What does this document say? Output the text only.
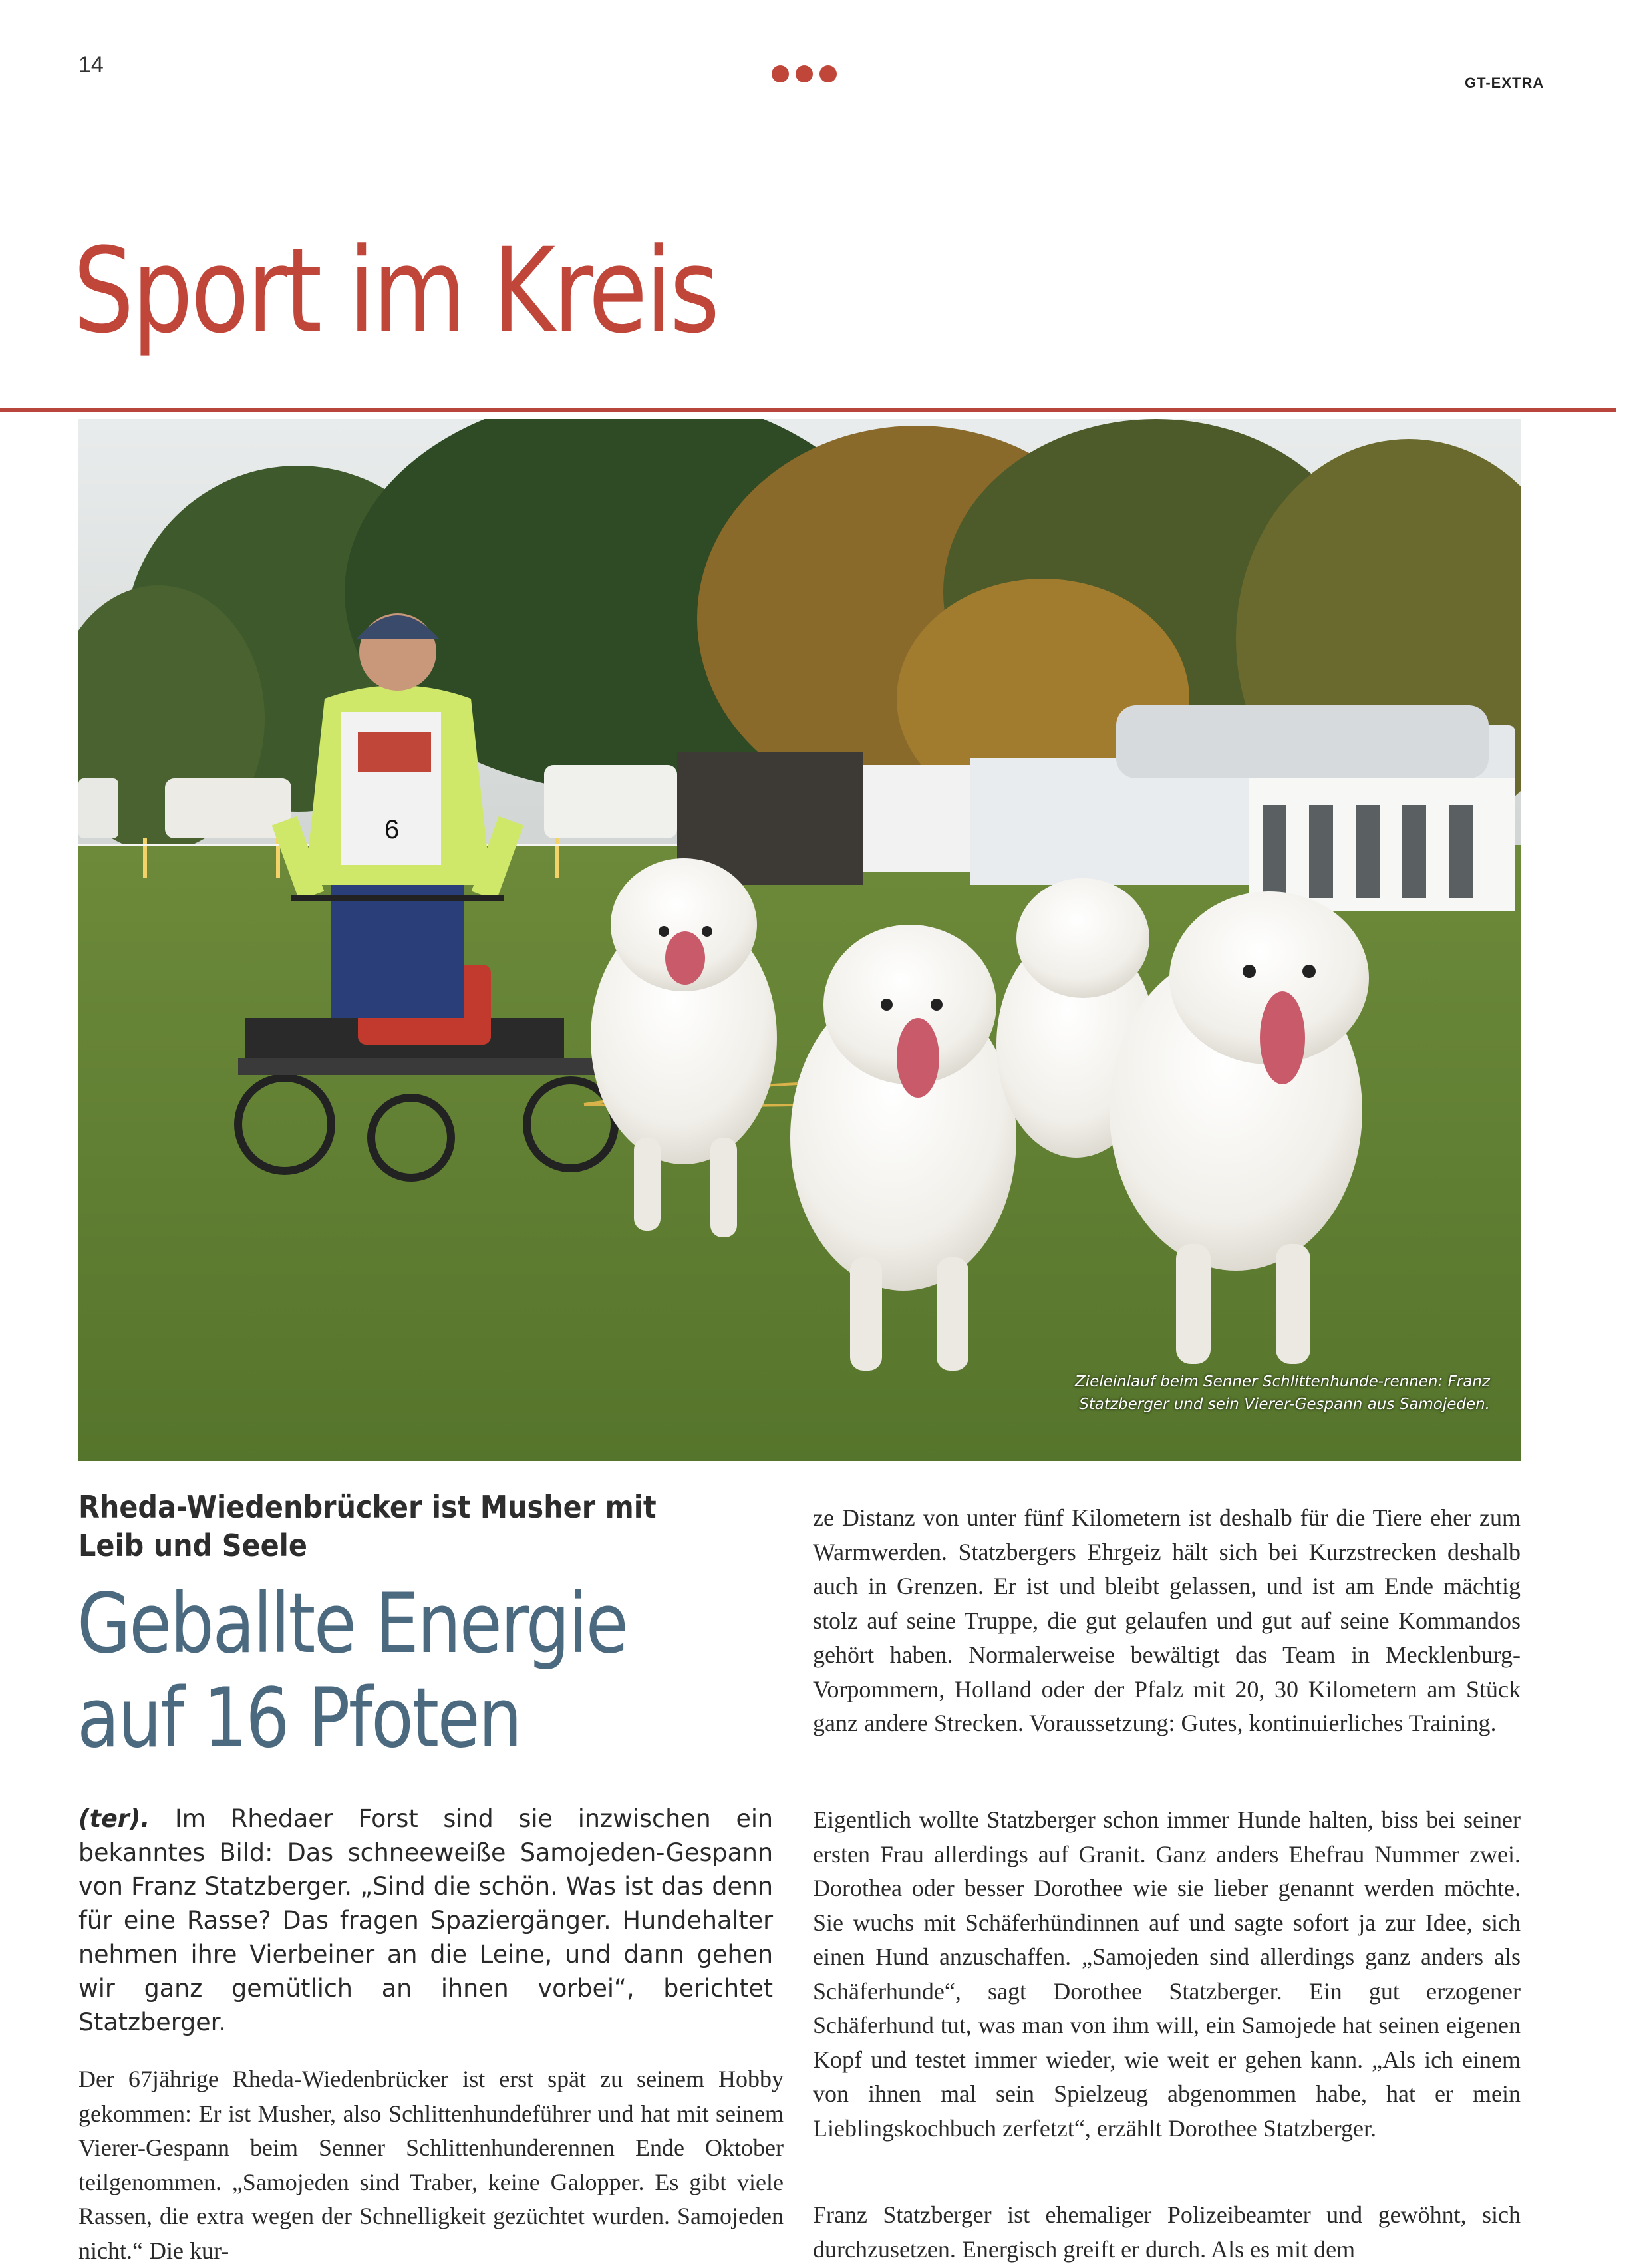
14
GT-EXTRA
Sport im Kreis
6
Zieleinlauf beim Senner Schlittenhunde-rennen: Franz Statzberger und sein Vierer-Gespann aus Samojeden.
Rheda-Wiedenbrücker ist Musher mit Leib und Seele
Geballte Energie auf 16 Pfoten
(ter). Im Rhedaer Forst sind sie inzwischen ein bekanntes Bild: Das schneeweiße Samojeden-Gespann von Franz Statzberger. „Sind die schön. Was ist das denn für eine Rasse? Das fragen Spaziergänger. Hundehalter nehmen ihre Vierbeiner an die Leine, und dann gehen wir ganz gemütlich an ihnen vorbei“, berichtet Statzberger.
Der 67jährige Rheda-Wiedenbrücker ist erst spät zu seinem Hobby gekommen: Er ist Musher, also Schlittenhundeführer und hat mit seinem Vierer-Gespann beim Senner Schlittenhunderennen Ende Oktober teilgenommen. „Samojeden sind Traber, keine Galopper. Es gibt viele Rassen, die extra wegen der Schnelligkeit gezüchtet wurden. Samojeden nicht.“ Die kur-
ze Distanz von unter fünf Kilometern ist deshalb für die Tiere eher zum Warmwerden. Statzbergers Ehrgeiz hält sich bei Kurzstrecken deshalb auch in Grenzen. Er ist und bleibt gelassen, und ist am Ende mächtig stolz auf seine Truppe, die gut gelaufen und gut auf seine Kommandos gehört haben. Normalerweise bewältigt das Team in Mecklenburg-Vorpommern, Holland oder der Pfalz mit 20, 30 Kilometern am Stück ganz andere Strecken. Voraussetzung: Gutes, kontinuierliches Training.
Eigentlich wollte Statzberger schon immer Hunde halten, biss bei seiner ersten Frau allerdings auf Granit. Ganz anders Ehefrau Nummer zwei. Dorothea oder besser Dorothee wie sie lieber genannt werden möchte. Sie wuchs mit Schäferhündinnen auf und sagte sofort ja zur Idee, sich einen Hund anzuschaffen. „Samojeden sind allerdings ganz anders als Schäferhunde“, sagt Dorothee Statzberger. Ein gut erzogener Schäferhund tut, was man von ihm will, ein Samojede hat seinen eigenen Kopf und testet immer wieder, wie weit er gehen kann. „Als ich einem von ihnen mal sein Spielzeug abgenommen habe, hat er mein Lieblingskochbuch zerfetzt“, erzählt Dorothee Statzberger.
Franz Statzberger ist ehemaliger Polizeibeamter und gewöhnt, sich durchzusetzen. Energisch greift er durch. Als es mit dem
